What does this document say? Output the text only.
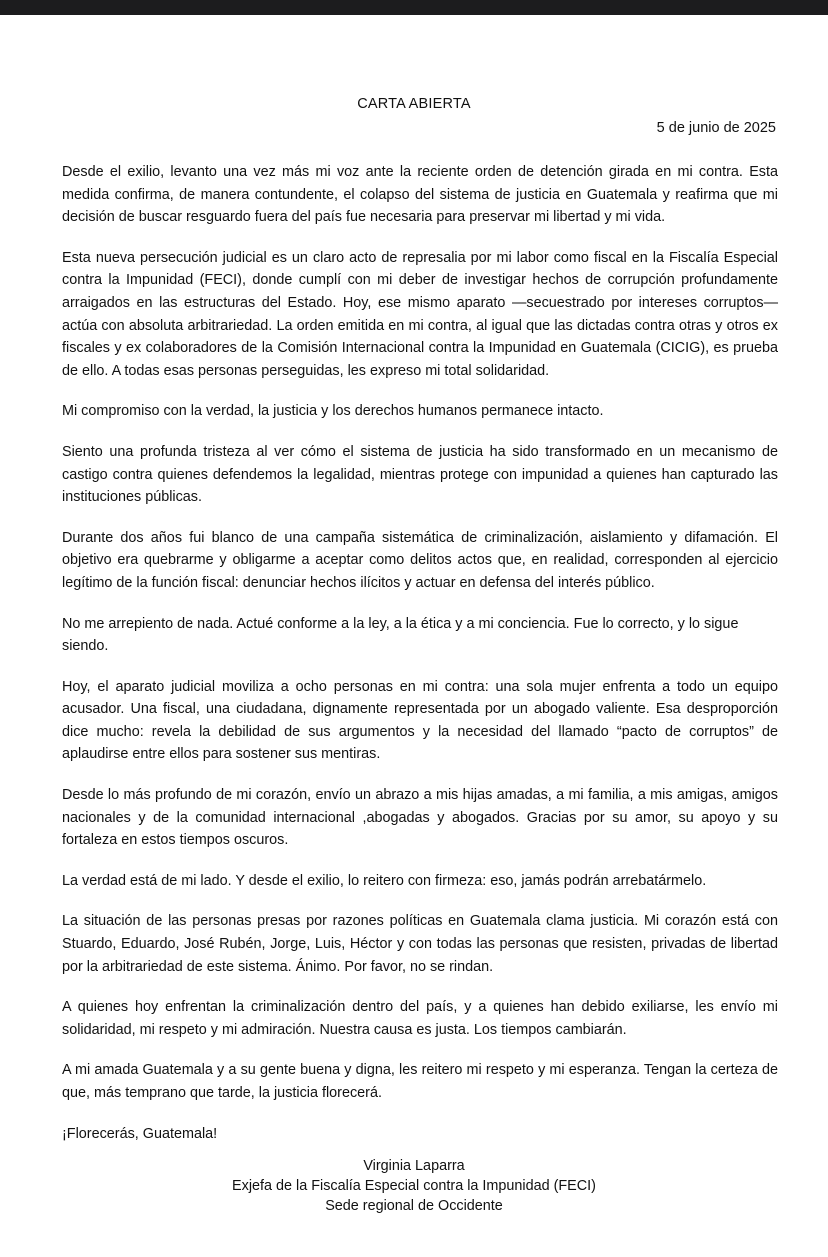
CARTA ABIERTA
5 de junio de 2025

Desde el exilio, levanto una vez más mi voz ante la reciente orden de detención girada en mi contra. Esta medida confirma, de manera contundente, el colapso del sistema de justicia en Guatemala y reafirma que mi decisión de buscar resguardo fuera del país fue necesaria para preservar mi libertad y mi vida.

Esta nueva persecución judicial es un claro acto de represalia por mi labor como fiscal en la Fiscalía Especial contra la Impunidad (FECI), donde cumplí con mi deber de investigar hechos de corrupción profundamente arraigados en las estructuras del Estado. Hoy, ese mismo aparato —secuestrado por intereses corruptos— actúa con absoluta arbitrariedad. La orden emitida en mi contra, al igual que las dictadas contra otras y otros ex fiscales y ex colaboradores de la Comisión Internacional contra la Impunidad en Guatemala (CICIG), es prueba de ello. A todas esas personas perseguidas, les expreso mi total solidaridad.

Mi compromiso con la verdad, la justicia y los derechos humanos permanece intacto.

Siento una profunda tristeza al ver cómo el sistema de justicia ha sido transformado en un mecanismo de castigo contra quienes defendemos la legalidad, mientras protege con impunidad a quienes han capturado las instituciones públicas.

Durante dos años fui blanco de una campaña sistemática de criminalización, aislamiento y difamación. El objetivo era quebrarme y obligarme a aceptar como delitos actos que, en realidad, corresponden al ejercicio legítimo de la función fiscal: denunciar hechos ilícitos y actuar en defensa del interés público.

No me arrepiento de nada. Actué conforme a la ley, a la ética y a mi conciencia. Fue lo correcto, y lo sigue siendo.

Hoy, el aparato judicial moviliza a ocho personas en mi contra: una sola mujer enfrenta a todo un equipo acusador. Una fiscal, una ciudadana, dignamente representada por un abogado valiente. Esa desproporción dice mucho: revela la debilidad de sus argumentos y la necesidad del llamado “pacto de corruptos” de aplaudirse entre ellos para sostener sus mentiras.

Desde lo más profundo de mi corazón, envío un abrazo a mis hijas amadas, a mi familia, a mis amigas, amigos nacionales y de la comunidad internacional ,abogadas y abogados. Gracias por su amor, su apoyo y su fortaleza en estos tiempos oscuros.

La verdad está de mi lado. Y desde el exilio, lo reitero con firmeza: eso, jamás podrán arrebatármelo.

La situación de las personas presas por razones políticas en Guatemala clama justicia. Mi corazón está con Stuardo, Eduardo, José Rubén, Jorge, Luis, Héctor y con todas las personas que resisten, privadas de libertad por la arbitrariedad de este sistema. Ánimo. Por favor, no se rindan.

A quienes hoy enfrentan la criminalización dentro del país, y a quienes han debido exiliarse, les envío mi solidaridad, mi respeto y mi admiración. Nuestra causa es justa. Los tiempos cambiarán.

A mi amada Guatemala y a su gente buena y digna, les reitero mi respeto y mi esperanza. Tengan la certeza de que, más temprano que tarde, la justicia florecerá.

¡Florecerás, Guatemala!

Virginia Laparra
Exjefa de la Fiscalía Especial contra la Impunidad (FECI)
Sede regional de Occidente
